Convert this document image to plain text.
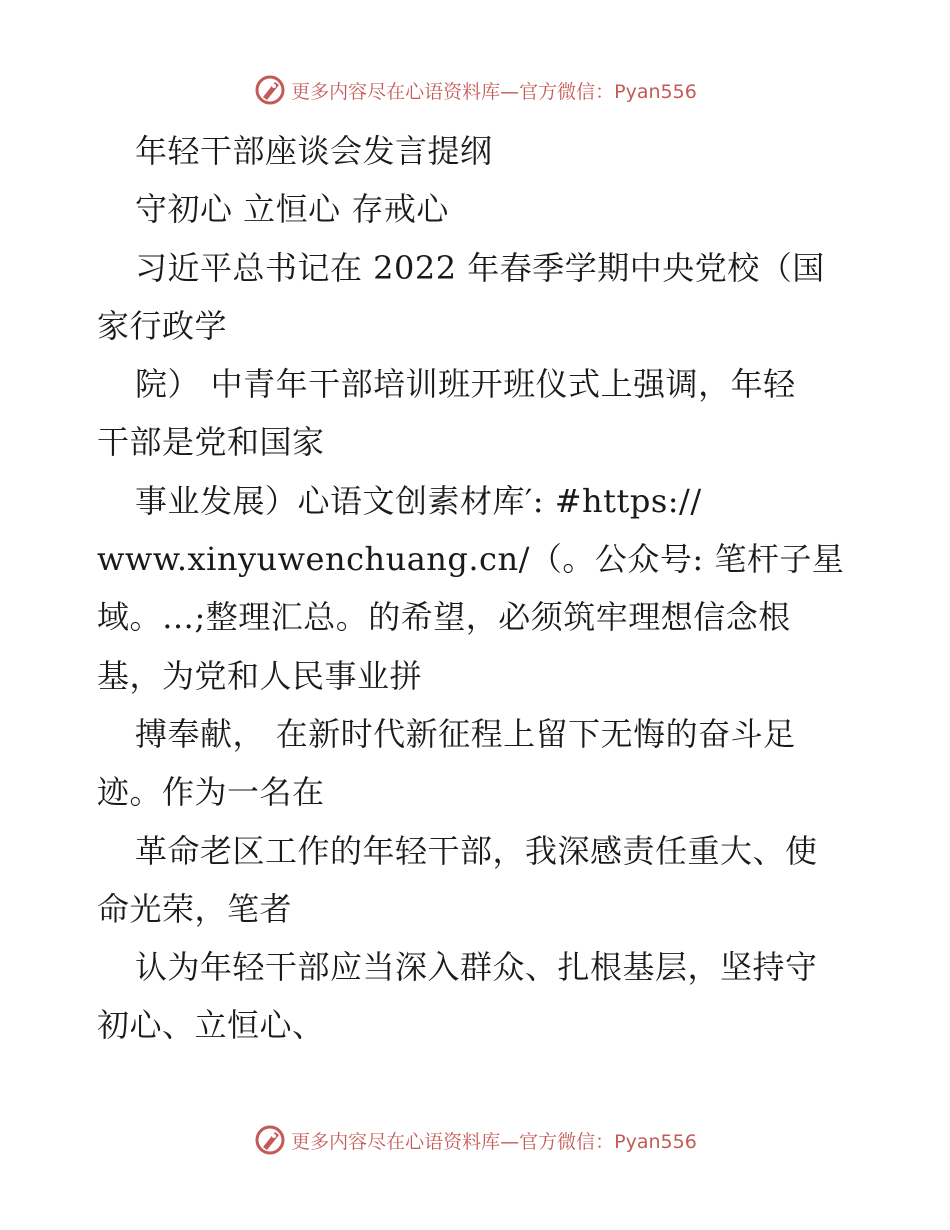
更多内容尽在心语资料库—官方微信：Pyan556
年轻干部座谈会发言提纲
守初心 立恒心 存戒心
习近平总书记在 2022 年春季学期中央党校（国
家行政学
院） 中青年干部培训班开班仪式上强调，年轻
干部是党和国家
事业发展）心语文创素材库′: #https://
www.xinyuwenchuang.cn/（。公众号: 笔杆子星
域。…;整理汇总。的希望，必须筑牢理想信念根
基，为党和人民事业拼
搏奉献， 在新时代新征程上留下无悔的奋斗足
迹。作为一名在
革命老区工作的年轻干部，我深感责任重大、使
命光荣，笔者
认为年轻干部应当深入群众、扎根基层，坚持守
初心、立恒心、
更多内容尽在心语资料库—官方微信：Pyan556
